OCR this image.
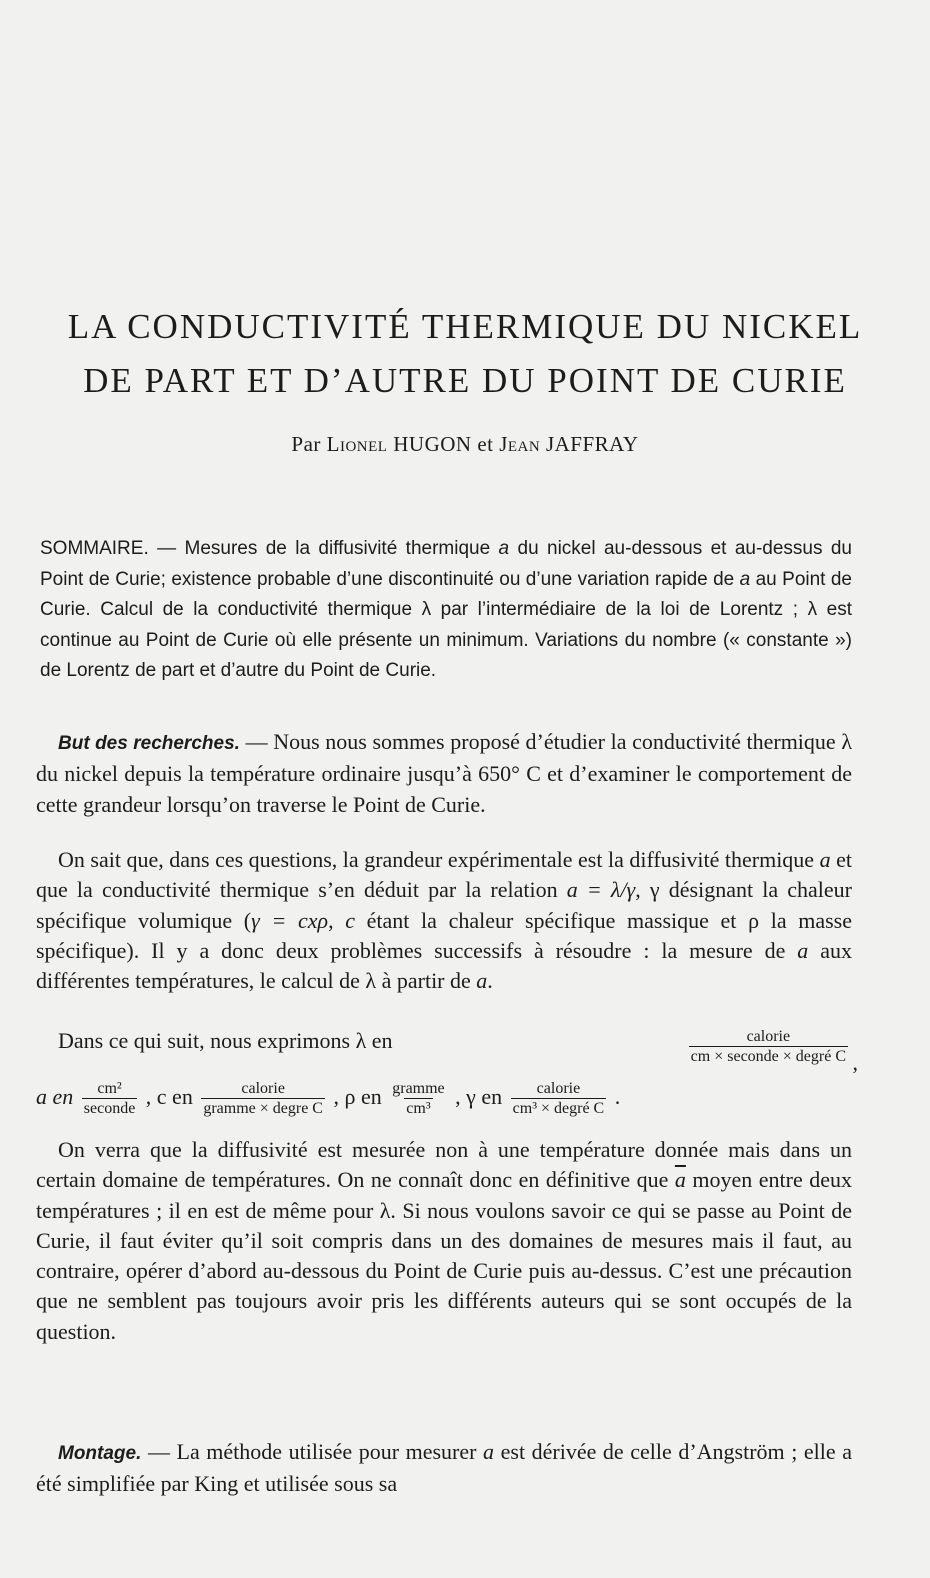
LA CONDUCTIVITÉ THERMIQUE DU NICKEL
DE PART ET D’AUTRE DU POINT DE CURIE
Par Lionel HUGON et Jean JAFFRAY

SOMMAIRE. — Mesures de la diffusivité thermique a du nickel au-dessous et au-dessus du Point de Curie; existence probable d’une discontinuité ou d’une variation rapide de a au Point de Curie. Calcul de la conductivité thermique λ par l’intermédiaire de la loi de Lorentz ; λ est continue au Point de Curie où elle présente un minimum. Variations du nombre (« constante ») de Lorentz de part et d’autre du Point de Curie.

But des recherches. — Nous nous sommes proposé d’étudier la conductivité thermique λ du nickel depuis la température ordinaire jusqu’à 650° C et d’examiner le comportement de cette grandeur lorsqu’on traverse le Point de Curie.

On sait que, dans ces questions, la grandeur expérimentale est la diffusivité thermique a et que la conductivité thermique s’en déduit par la relation a = λ/γ, γ désignant la chaleur spécifique volumique (γ = cxρ, c étant la chaleur spécifique massique et ρ la masse spécifique). Il y a donc deux problèmes successifs à résoudre : la mesure de a aux différentes températures, le calcul de λ à partir de a.

Dans ce qui suit, nous exprimons λ en	calorie
cm × seconde × degré C ,
a en $\frac{\text{cm²}}{\text{seconde}}$ , c en $\frac{\text{calorie}}{\text{gramme × degre C}}$ , ρ en $\frac{\text{gramme}}{\text{cm³}}$ , γ en $\frac{\text{calorie}}{\text{cm³ × degré C}}$ .

On verra que la diffusivité est mesurée non à une température donnée mais dans un certain domaine de températures. On ne connaît donc en définitive que $\overline{a}$ moyen entre deux températures ; il en est de même pour λ. Si nous voulons savoir ce qui se passe au Point de Curie, il faut éviter qu’il soit compris dans un des domaines de mesures mais il faut, au contraire, opérer d’abord au-dessous du Point de Curie puis au-dessus. C’est une précaution que ne semblent pas toujours avoir pris les différents auteurs qui se sont occupés de la question.

Montage. — La méthode utilisée pour mesurer a est dérivée de celle d’Angström ; elle a été simplifiée par King et utilisée sous sa
